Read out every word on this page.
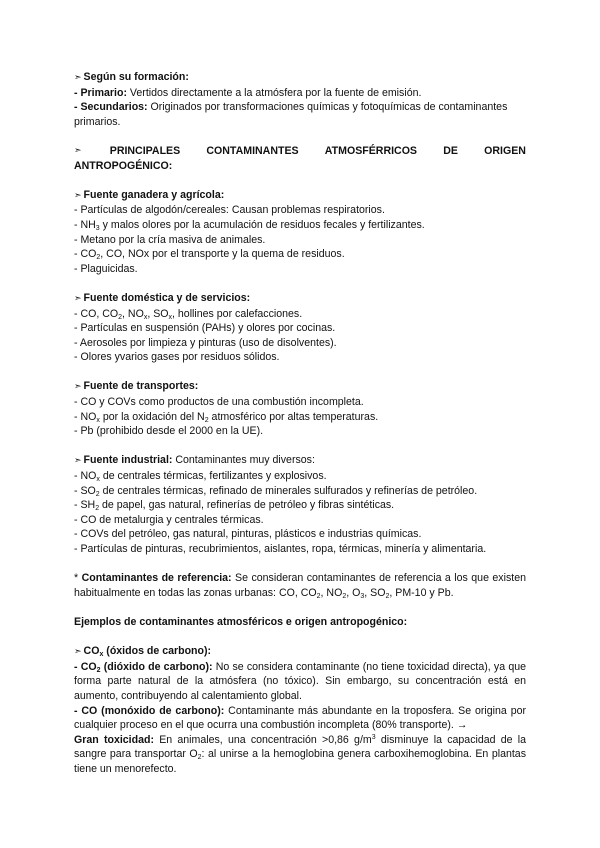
➣ Según su formación:
- Primario: Vertidos directamente a la atmósfera por la fuente de emisión.
- Secundarios: Originados por transformaciones químicas y fotoquímicas de contaminantes primarios.
➣	PRINCIPALES CONTAMINANTES ATMOSFÉRRICOS DE ORIGEN
ANTROPOGÉNICO:
➣ Fuente ganadera y agrícola:
- Partículas de algodón/cereales: Causan problemas respiratorios.
- $NH_3$ y malos olores por la acumulación de residuos fecales y fertilizantes.
- Metano por la cría masiva de animales.
- $CO_2$, CO, NOx por el transporte y la quema de residuos.
- Plaguicidas.
➣ Fuente doméstica y de servicios:
- CO, $CO_2$, $NO_x$, $SO_x$, hollines por calefacciones.
- Partículas en suspensión (PAHs) y olores por cocinas.
- Aerosoles por limpieza y pinturas (uso de disolventes).
- Olores yvarios gases por residuos sólidos.
➣ Fuente de transportes:
- CO y COVs como productos de una combustión incompleta.
- $NO_x$ por la oxidación del $N_2$ atmosférico por altas temperaturas.
- Pb (prohibido desde el 2000 en la UE).
➣ Fuente industrial: Contaminantes muy diversos:
- $NO_x$ de centrales térmicas, fertilizantes y explosivos.
- $SO_2$ de centrales térmicas, refinado de minerales sulfurados y refinerías de petróleo.
- $SH_2$ de papel, gas natural, refinerías de petróleo y fibras sintéticas.
- CO de metalurgia y centrales térmicas.
- COVs del petróleo, gas natural, pinturas, plásticos e industrias químicas.
- Partículas de pinturas, recubrimientos, aislantes, ropa, térmicas, minería y alimentaria.
* Contaminantes de referencia: Se consideran contaminantes de referencia a los que existen habitualmente en todas las zonas urbanas: CO, $CO_2$, $NO_2$, $O_3$, $SO_2$, PM-10 y Pb.
Ejemplos de contaminantes atmosféricos e origen antropogénico:
➣ $CO_x$ (óxidos de carbono):
- $CO_2$ (dióxido de carbono): No se considera contaminante (no tiene toxicidad directa), ya que forma parte natural de la atmósfera (no tóxico). Sin embargo, su concentración está en aumento, contribuyendo al calentamiento global.
- CO (monóxido de carbono): Contaminante más abundante en la troposfera. Se origina por cualquier proceso en el que ocurra una combustión incompleta (80% transporte). →
Gran toxicidad: En animales, una concentración >0,86 $g/m^3$ disminuye la capacidad de la sangre para transportar $O_2$: al unirse a la hemoglobina genera carboxihemoglobina. En plantas tiene un menorefecto.
